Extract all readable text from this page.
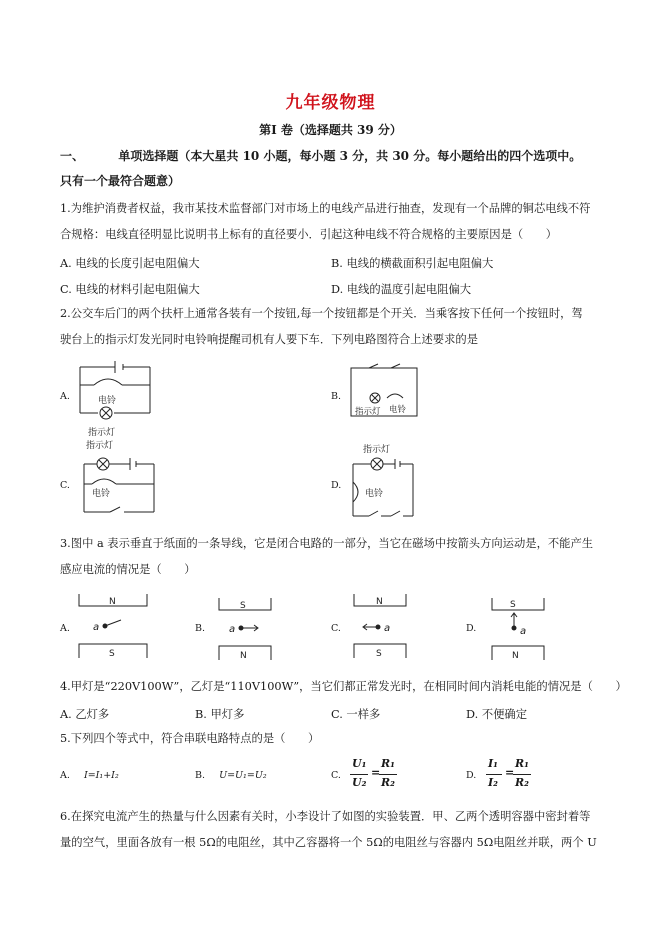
九年级物理
第I 卷（选择题共 39 分）
一、	单项选择题（本大星共 10 小题，每小题 3 分，共 30 分。每小题给出的四个选项中。
只有一个最符合题意）
1.为维护消费者权益，我市某技术监督部门对市场上的电线产品进行抽查，发现有一个品牌的铜芯电线不符
合规格：电线直径明显比说明书上标有的直径要小．引起这种电线不符合规格的主要原因是（　　）
A. 电线的长度引起电阻偏大	B. 电线的横截面积引起电阻偏大
C. 电线的材料引起电阻偏大	D. 电线的温度引起电阻偏大
2.公交车后门的两个扶杆上通常各装有一个按钮,每一个按钮都是个开关．当乘客按下任何一个按钮时，驾
驶台上的指示灯发光同时电铃响提醒司机有人要下车．下列电路图符合上述要求的是
A.	B.
C.	D.
电铃
指示灯
指示灯 电铃
指示灯
电铃
指示灯
电铃
3.图中 a 表示垂直于纸面的一条导线，它是闭合电路的一部分，当它在磁场中按箭头方向运动是，不能产生
感应电流的情况是（　　）
A.	B.	C.	D.
N
S
a
S
N
a
N
S
a
S
N
a
4.甲灯是“220V100W”，乙灯是“110V100W”，当它们都正常发光时，在相同时间内消耗电能的情况是（　　）
A. 乙灯多	B. 甲灯多	C. 一样多	D. 不便确定
5.下列四个等式中，符合串联电路特点的是（　　）
A. I=I₁+I₂	B. U=U₁=U₂	C.
U₁
U₂
=
R₁
R₂
D.
I₁
I₂
=
R₁
R₂
6.在探究电流产生的热量与什么因素有关时，小李设计了如图的实验装置．甲、乙两个透明容器中密封着等
量的空气，里面各放有一根 5Ω的电阻丝，其中乙容器将一个 5Ω的电阻丝与容器内 5Ω电阻丝并联，两个 U
